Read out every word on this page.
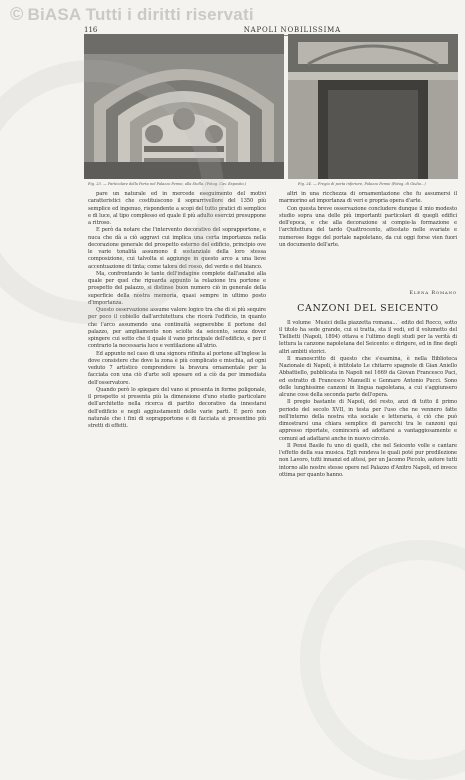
© BiASA Tutti i diritti riservati
116	NAPOLI NOBILISSIMA
Fig. 23. — Particolare della Porta nel Palazzo Penne, alla Stella. (Fotog. Cav. Esposito.)	Fig. 24. — Fregio di porta inferiore, Palazzo Penne (Fotog. di Giulio...)

pare un naturale ed in mercede eseguimento del motivi caratteristici che costituiscono il soprarrivellore del 1350 più semplice ed ingenuo, rispondente a scopi del tutto pratici di semplice e di luce, al tipo complesso ed quale il più adulto esercizi presuppone a ritroso.

E però da notare che l'intervento decorativo del soprapportone, e nuca che dà a ciò aggravi cui implica una certa importanza nella decorazione generale del prospetto esterno del edificio, principio ove le varie tonalità assumono il sostanziale della loro stessa composizione, cui talvolta si aggiunge in questo arco a una lieve accentuazione di tinta; come talora del rosso, del verde e del bianco.

Ma, confrontando le tante dell'indagine complete dall'analisi alla quale per quel che riguarda appunto la relazione tra portone e prospetto del palazzo, si distinse buon numero ciò in generale della superficie della nostra memoria, quasi sempre in ultimo posto d'importanza.

Questo osservazione assume valore logico tra che di si più sequire per poco il cobiello dall'architettura che ricerà l'edificio, in quanto che l'arco assumendo una continuità segnerebbe il portone del palazzo, per ampliamento non sciolte da seicento, senza dover spingere cui sotto che il quale il vano principale dell'edificio, e per il contrario la necessaria luce e ventilazione all'atrio.

Ed appunto nel caso di una signora rifinita al portone all'inglese la dove consistere che dove la zona è più complicato e mischia, ad ogni veduto 7 artistico comprendere la bravura ornamentale per la facciata con una ciò d'arte soli sposare ed a ciò da per immediata dell'osservatore.

Quando però lo spiegare del vano si presenta in forme poligonale, il prospetto si presenta più la dimensione d'uno studio particolare dell'architetto nella ricerca di partito decorativo da innestarsi dell'edificio e negli aggiustamenti delle varie parti. E però non naturale che i fini di soprapportone e di facciata si presentino più stretti di effetti.

altri in una ricchezza di ornamentazione che fu assumersi il marmorino ad importanza di veri e propria opera d'arte.

Con questa breve osservazione concludere dunque il mio modesto studio sopra una delle più importanti particolari di quegli edifici dell'epoca, e che alla decorazione si compie-la formazione e l'architettura del tardo Quattrocento, attestato nelle svariate e numerose fogge del portale napoletano, da cui oggi forse vien fuori un documento dell'arte.

Elena Romano
CANZONI DEL SEICENTO

Il volume `Musici della piazzetta romana...` edito del Rocco, sotto il titolo ha sede grande, cui si tratta, sta il vedi, ed il volumetto del Tiellietti (Napoli, 1894) ottava e l'ultimo degli studi per la verità di lettura la canzone napoletana del Seicento: e dirigere, ed in fine degli altri ambiti storici.

Il manoscritto di questo che s'esamina, è nella Biblioteca Nazionale di Napoli, è intitolato Le chitarre spagnole di Gian Aniello Abbattiello, pubblicata in Napoli nel 1669 da Giovan Francesco Paci, ed estratto di Francesco Manuelli e Gennaro Antonio Pucci. Sono delle lunghissime canzoni in lingua napoletana, a cui s'aggiunsero alcune cose della seconda parte dell'opera.

Il pregio bastante di Napoli, del resto, anzi di tutto il primo periodo del secolo XVII, in testa per l'uso che ne vennero fatte nell'interno della nostra vita sociale e letteraria, è ciò che può dimostrarsi una chiara semplice di parecchi tra le canzoni qui appresso riportate, comincerà ad adottarsi a vantaggiosamente e comuni ad adattarsi anche in nuovo circolo.

Il Pensi Basile fu uno di quelli, che nel Seicento volle e cantare l'effetto della sua musica. Egli rendeva le quali poté pur predilezione non Lavoro, tutti innanzi ed attesi, per un Jacomo Piccolo, autore tutti intorno alle nostre stesse opere nel Palazzo d'Anitro Napoli, ed invece ottima per quanto hanno.
